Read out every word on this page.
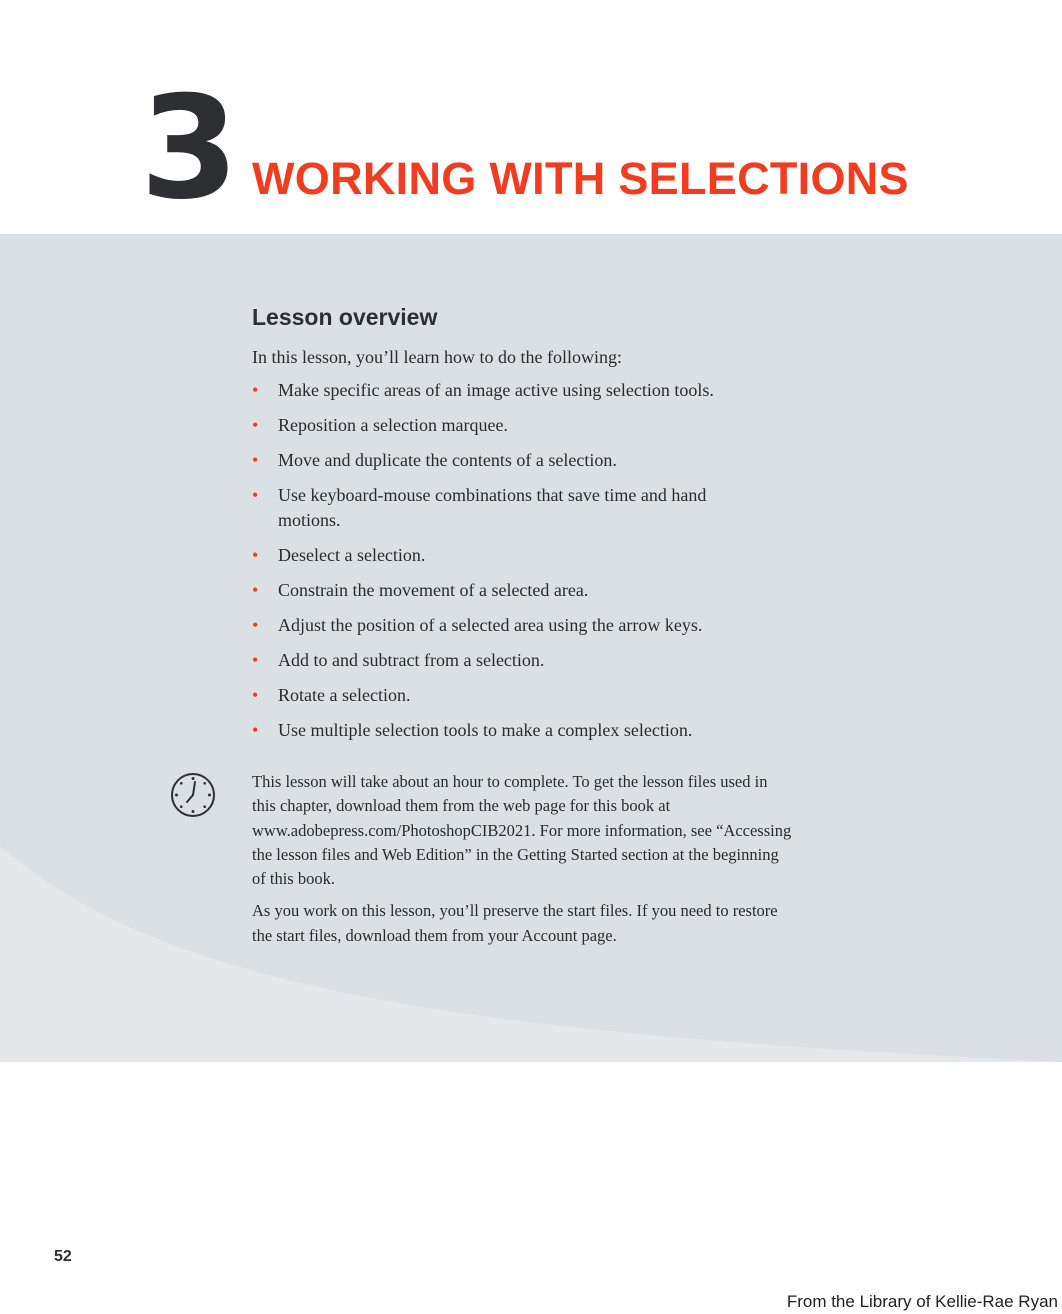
3 WORKING WITH SELECTIONS
Lesson overview

In this lesson, you’ll learn how to do the following:

• Make specific areas of an image active using selection tools.
• Reposition a selection marquee.
• Move and duplicate the contents of a selection.
• Use keyboard-mouse combinations that save time and hand motions.
• Deselect a selection.
• Constrain the movement of a selected area.
• Adjust the position of a selected area using the arrow keys.
• Add to and subtract from a selection.
• Rotate a selection.
• Use multiple selection tools to make a complex selection.

This lesson will take about an hour to complete. To get the lesson files used in this chapter, download them from the web page for this book at www.adobepress.com/PhotoshopCIB2021. For more information, see “Accessing the lesson files and Web Edition” in the Getting Started section at the beginning of this book.

As you work on this lesson, you’ll preserve the start files. If you need to restore the start files, download them from your Account page.

52
From the Library of Kellie-Rae Ryan
